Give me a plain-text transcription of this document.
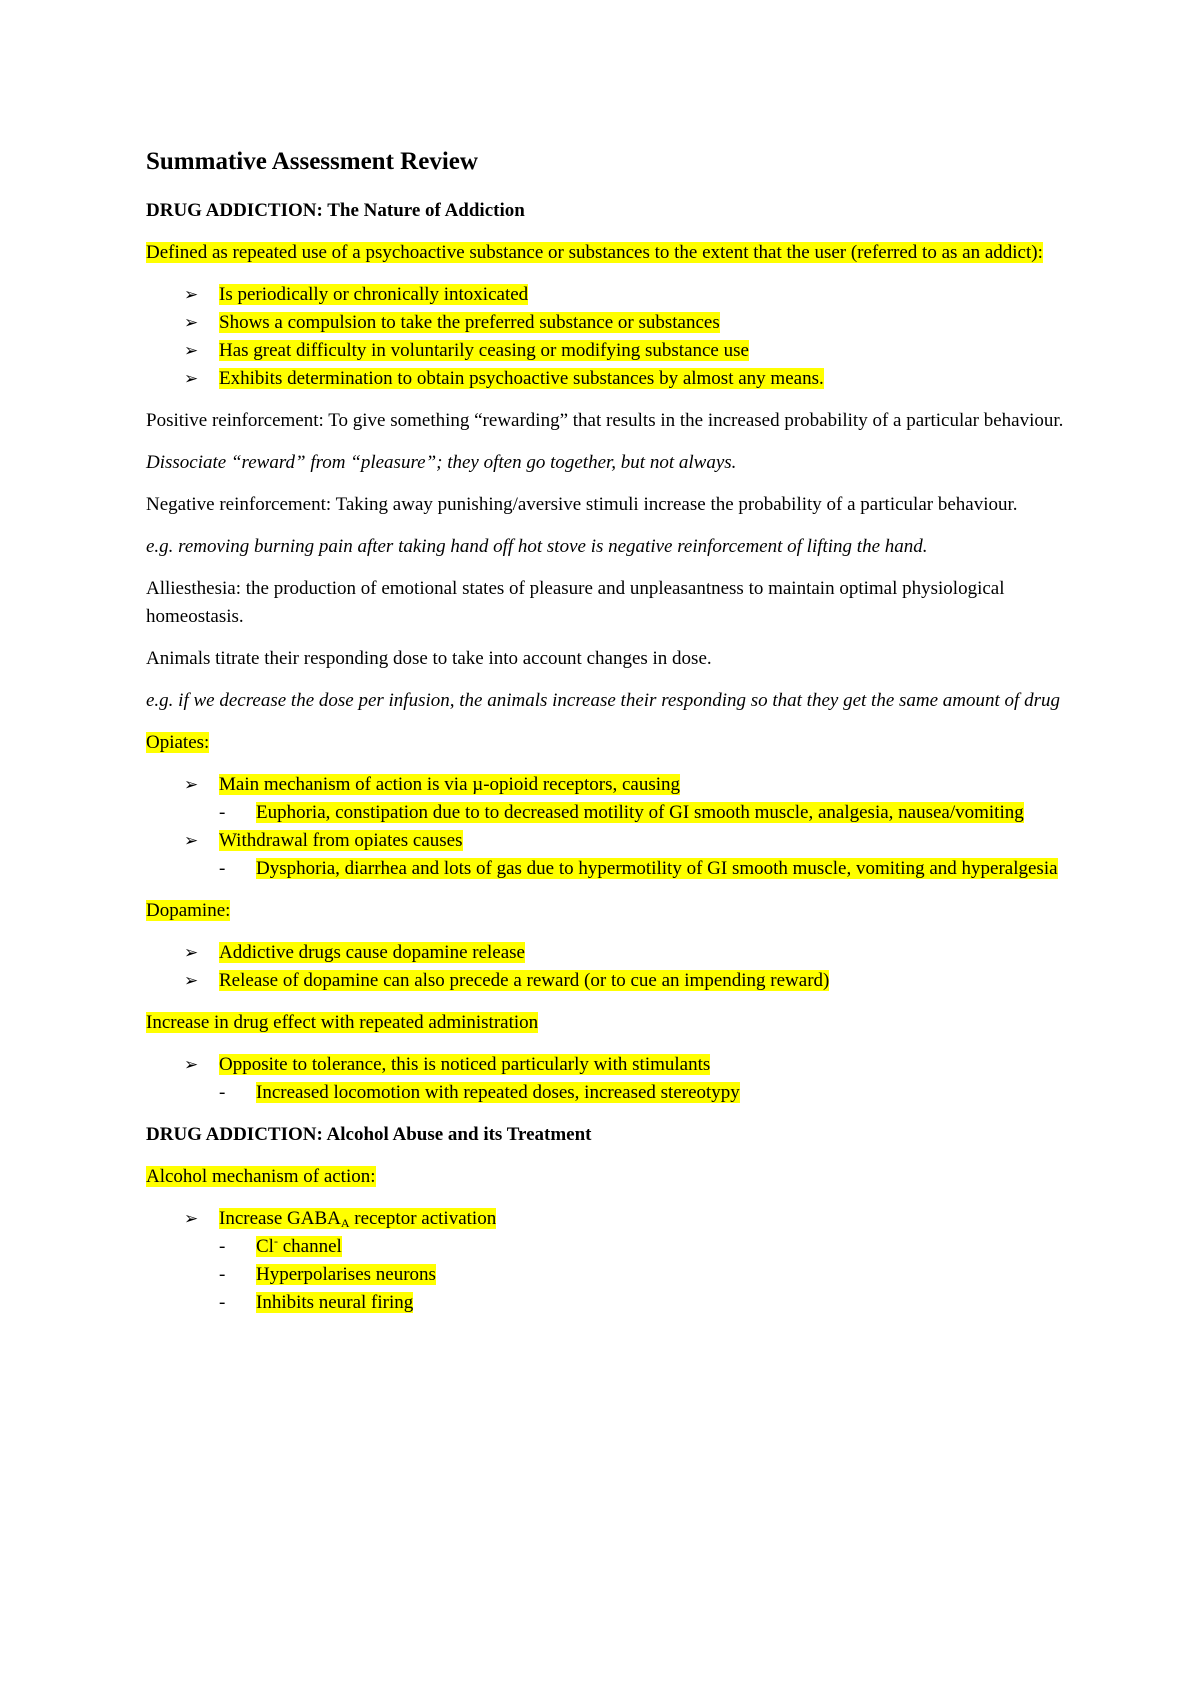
Summative Assessment Review
DRUG ADDICTION: The Nature of Addiction

Defined as repeated use of a psychoactive substance or substances to the extent that the user (referred to as an addict):

➢ Is periodically or chronically intoxicated
➢ Shows a compulsion to take the preferred substance or substances
➢ Has great difficulty in voluntarily ceasing or modifying substance use
➢ Exhibits determination to obtain psychoactive substances by almost any means.

Positive reinforcement: To give something “rewarding” that results in the increased probability of a particular behaviour.

Dissociate “reward” from “pleasure”; they often go together, but not always.

Negative reinforcement: Taking away punishing/aversive stimuli increase the probability of a particular behaviour.

e.g. removing burning pain after taking hand off hot stove is negative reinforcement of lifting the hand.

Alliesthesia: the production of emotional states of pleasure and unpleasantness to maintain optimal physiological homeostasis.

Animals titrate their responding dose to take into account changes in dose.

e.g. if we decrease the dose per infusion, the animals increase their responding so that they get the same amount of drug

Opiates:

➢ Main mechanism of action is via µ-opioid receptors, causing
- Euphoria, constipation due to to decreased motility of GI smooth muscle, analgesia, nausea/vomiting
➢ Withdrawal from opiates causes
- Dysphoria, diarrhea and lots of gas due to hypermotility of GI smooth muscle, vomiting and hyperalgesia

Dopamine:

➢ Addictive drugs cause dopamine release
➢ Release of dopamine can also precede a reward (or to cue an impending reward)

Increase in drug effect with repeated administration

➢ Opposite to tolerance, this is noticed particularly with stimulants
- Increased locomotion with repeated doses, increased stereotypy
DRUG ADDICTION: Alcohol Abuse and its Treatment

Alcohol mechanism of action:

➢ Increase $GABA_A$ receptor activation
- Cl- channel
- Hyperpolarises neurons
- Inhibits neural firing
